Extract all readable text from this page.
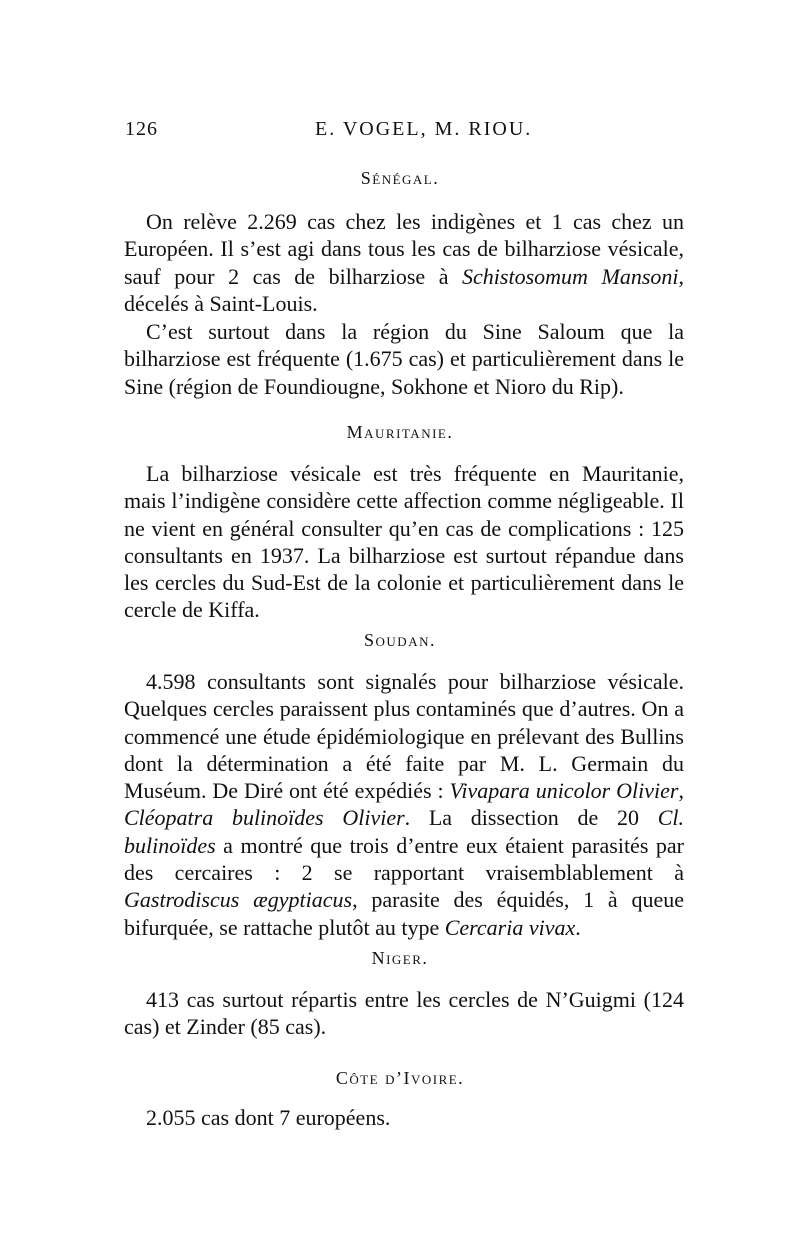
126	E. VOGEL, M. RIOU.
Sénégal.

On relève 2.269 cas chez les indigènes et 1 cas chez un Européen. Il s’est agi dans tous les cas de bilharziose vésicale, sauf pour 2 cas de bilharziose à Schistosomum Mansoni, décelés à Saint-Louis.

C’est surtout dans la région du Sine Saloum que la bilharziose est fréquente (1.675 cas) et particulièrement dans le Sine (région de Foundiougne, Sokhone et Nioro du Rip).

Mauritanie.

La bilharziose vésicale est très fréquente en Mauritanie, mais l’indigène considère cette affection comme négligeable. Il ne vient en général consulter qu’en cas de complications : 125 consultants en 1937. La bilharziose est surtout répandue dans les cercles du Sud-Est de la colonie et particulièrement dans le cercle de Kiffa.

Soudan.

4.598 consultants sont signalés pour bilharziose vésicale. Quelques cercles paraissent plus contaminés que d’autres. On a commencé une étude épidémiologique en prélevant des Bullins dont la détermination a été faite par M. L. Germain du Muséum. De Diré ont été expédiés : Vivapara unicolor Olivier, Cléopatra bulinoïdes Olivier. La dissection de 20 Cl. bulinoïdes a montré que trois d’entre eux étaient parasités par des cercaires : 2 se rapportant vraisemblablement à Gastrodiscus ægyptiacus, parasite des équidés, 1 à queue bifurquée, se rattache plutôt au type Cercaria vivax.

Niger.

413 cas surtout répartis entre les cercles de N’Guigmi (124 cas) et Zinder (85 cas).

Côte d’Ivoire.

2.055 cas dont 7 européens.
